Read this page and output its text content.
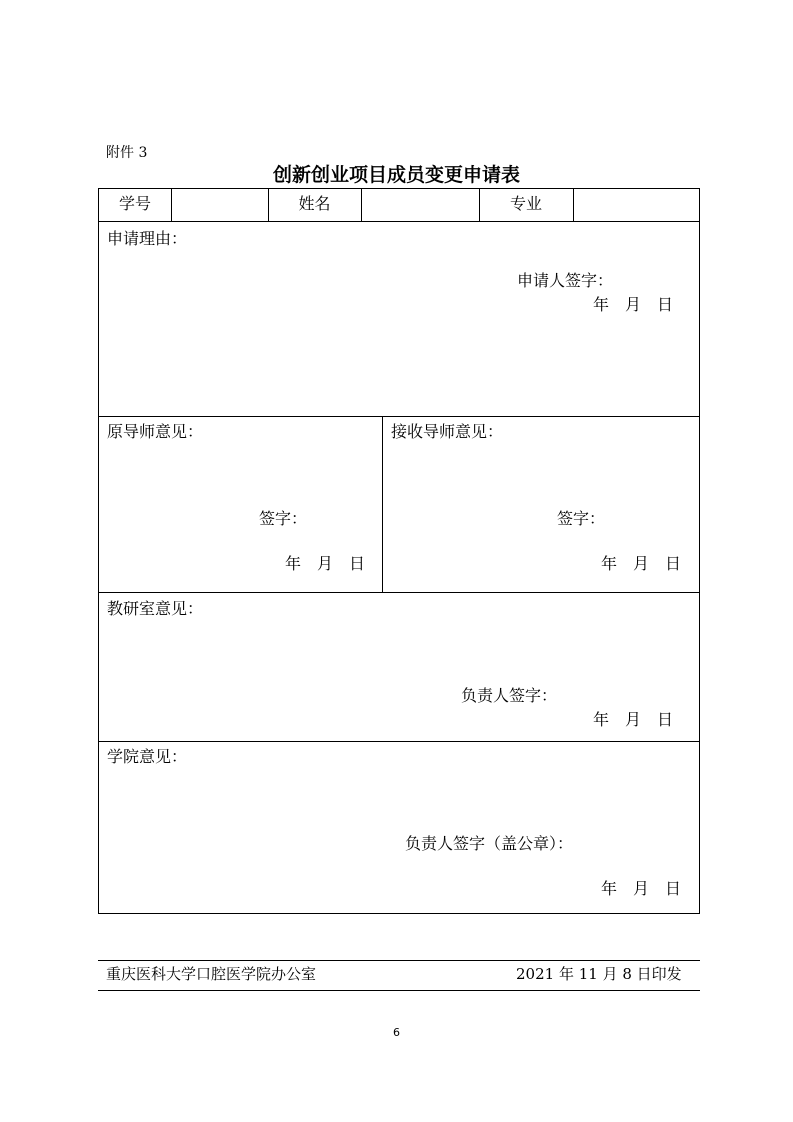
附件 3
创新创业项目成员变更申请表
学号	姓名	专业
申请理由：
申请人签字：
年　月　日
原导师意见：
签字：
年　月　日
接收导师意见：
签字：
年　月　日
教研室意见：
负责人签字：
年　月　日
学院意见：
负责人签字（盖公章）：
年　月　日
重庆医科大学口腔医学院办公室	2021 年 11 月 8 日印发
6
